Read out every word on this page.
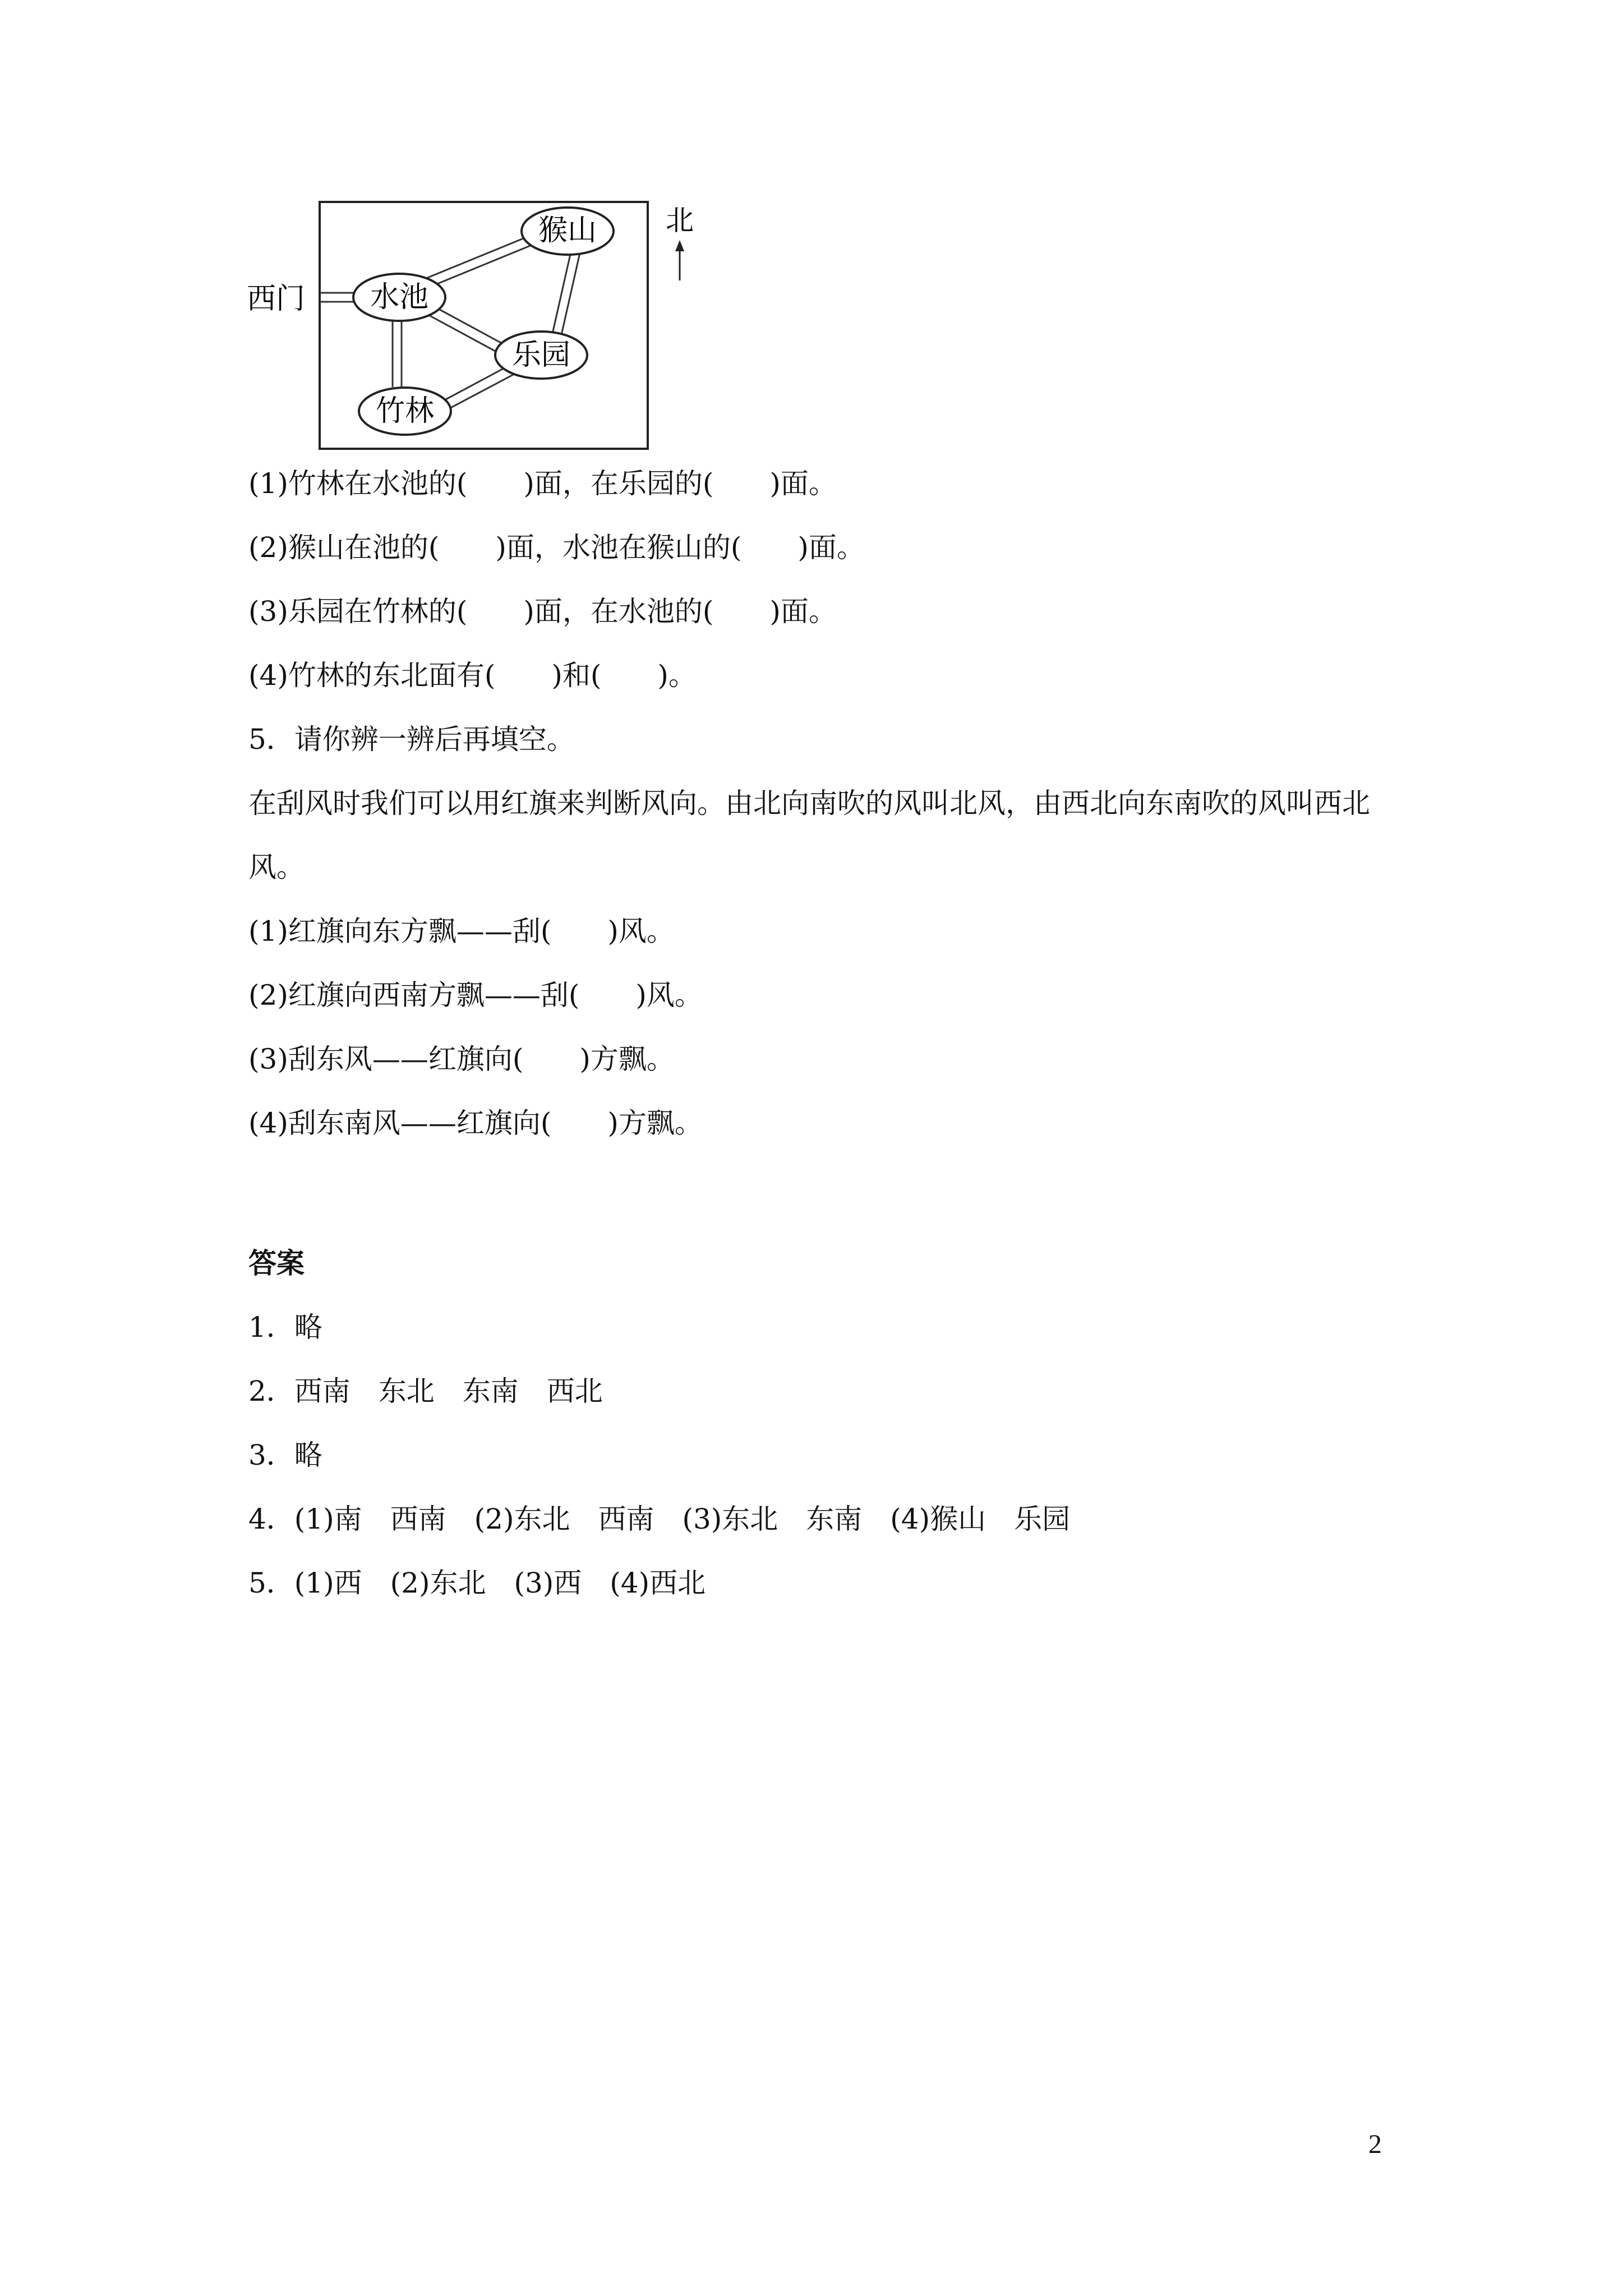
猴山
水池
乐园
竹林
西门
北
(1)竹林在水池的(　　)面，在乐园的(　　)面。
(2)猴山在池的(　　)面，水池在猴山的(　　)面。
(3)乐园在竹林的(　　)面，在水池的(　　)面。
(4)竹林的东北面有(　　)和(　　)。
5．请你辨一辨后再填空。
在刮风时我们可以用红旗来判断风向。由北向南吹的风叫北风，由西北向东南吹的风叫西北
风。
(1)红旗向东方飘——刮(　　)风。
(2)红旗向西南方飘——刮(　　)风。
(3)刮东风——红旗向(　　)方飘。
(4)刮东南风——红旗向(　　)方飘。
答案
1．略
2．西南　东北　东南　西北
3．略
4．(1)南　西南　(2)东北　西南　(3)东北　东南　(4)猴山　乐园
5．(1)西　(2)东北　(3)西　(4)西北
2
